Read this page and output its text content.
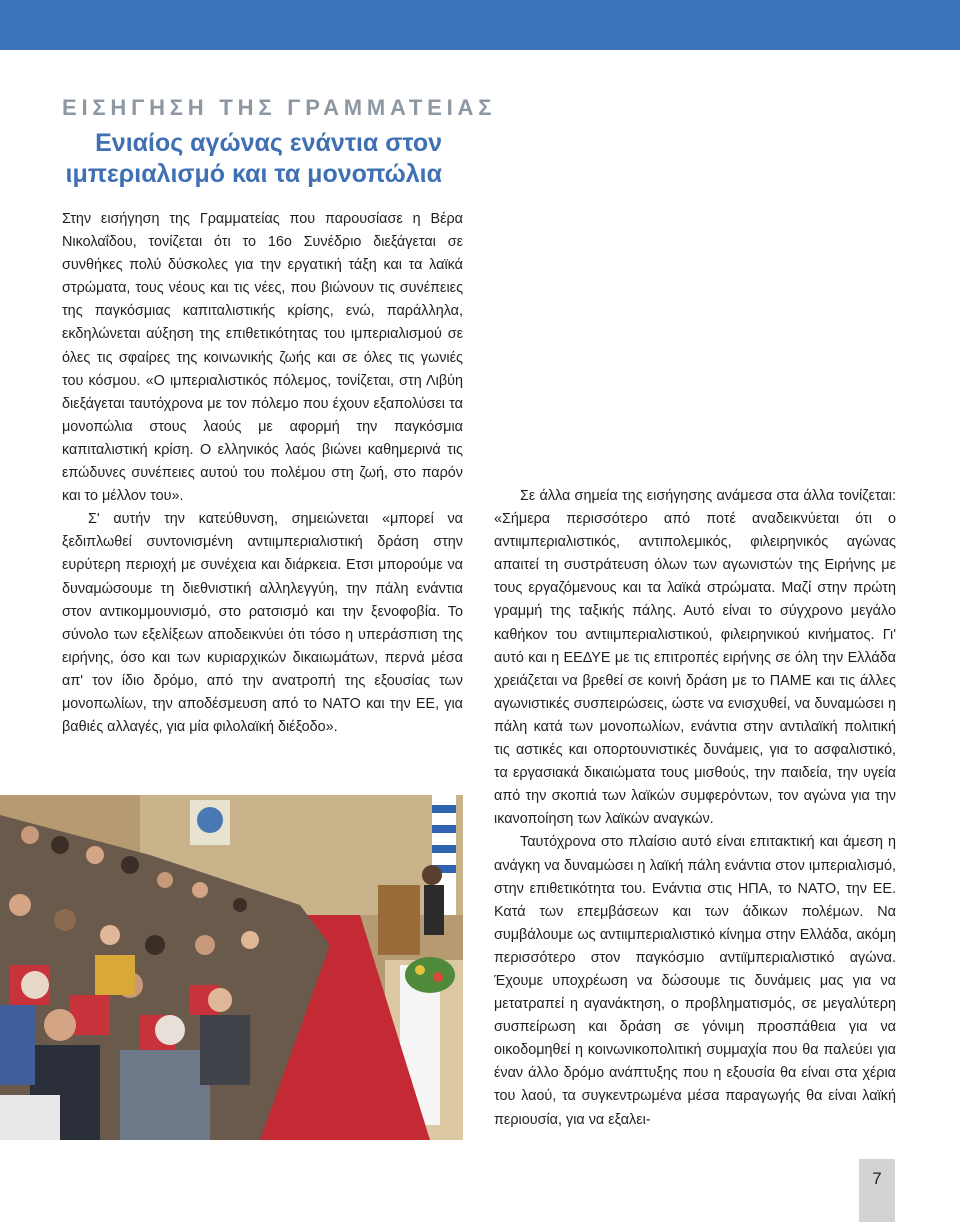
ΕΙΣΗΓΗΣΗ ΤΗΣ ΓΡΑΜΜΑΤΕΙΑΣ
Ενιαίος αγώνας ενάντια στον
ιμπεριαλισμό και τα μονοπώλια

Στην εισήγηση της Γραμματείας που παρουσίασε η Βέρα Νικολαΐδου, τονίζεται ότι το 16ο Συνέδριο διεξάγεται σε συνθήκες πολύ δύσκολες για την εργατική τάξη και τα λαϊκά στρώματα, τους νέους και τις νέες, που βιώνουν τις συνέπειες της παγκόσμιας καπιταλιστικής κρίσης, ενώ, παράλληλα, εκδηλώνεται αύξηση της επιθετικότητας του ιμπεριαλισμού σε όλες τις σφαίρες της κοινωνικής ζωής και σε όλες τις γωνιές του κόσμου. «Ο ιμπεριαλιστικός πόλεμος, τονίζεται, στη Λιβύη διεξάγεται ταυτόχρονα με τον πόλεμο που έχουν εξαπολύσει τα μονοπώλια στους λαούς με αφορμή την παγκόσμια καπιταλιστική κρίση. Ο ελληνικός λαός βιώνει καθημερινά τις επώδυνες συνέπειες αυτού του πολέμου στη ζωή, στο παρόν και το μέλλον του».

Σ' αυτήν την κατεύθυνση, σημειώνεται «μπορεί να ξεδιπλωθεί συντονισμένη αντιιμπεριαλιστική δράση στην ευρύτερη περιοχή με συνέχεια και διάρκεια. Ετσι μπορούμε να δυναμώσουμε τη διεθνιστική αλληλεγγύη, την πάλη ενάντια στον αντικομμουνισμό, στο ρατσισμό και την ξενοφοβία. Το σύνολο των εξελίξεων αποδεικνύει ότι τόσο η υπεράσπιση της ειρήνης, όσο και των κυριαρχικών δικαιωμάτων, περνά μέσα απ' τον ίδιο δρόμο, από την ανατροπή της εξουσίας των μονοπωλίων, την αποδέσμευση από το ΝΑΤΟ και την ΕΕ, για βαθιές αλλαγές, για μία φιλολαϊκή διέξοδο».

Σε άλλα σημεία της εισήγησης ανάμεσα στα άλλα τονίζεται: «Σήμερα περισσότερο από ποτέ αναδεικνύεται ότι ο αντιιμπεριαλιστικός, αντιπολεμικός, φιλειρηνικός αγώνας απαιτεί τη συστράτευση όλων των αγωνιστών της Ειρήνης με τους εργαζόμενους και τα λαϊκά στρώματα. Μαζί στην πρώτη γραμμή της ταξικής πάλης. Αυτό είναι το σύγχρονο μεγάλο καθήκον του αντιιμπεριαλιστικού, φιλειρηνικού κινήματος. Γι' αυτό και η ΕΕΔΥΕ με τις επιτροπές ειρήνης σε όλη την Ελλάδα χρειάζεται να βρεθεί σε κοινή δράση με το ΠΑΜΕ και τις άλλες αγωνιστικές συσπειρώσεις, ώστε να ενισχυθεί, να δυναμώσει η πάλη κατά των μονοπωλίων, ενάντια στην αντιλαϊκή πολιτική τις αστικές και οπορτουνιστικές δυνάμεις, για το ασφαλιστικό, τα εργασιακά δικαιώματα τους μισθούς, την παιδεία, την υγεία από την σκοπιά των λαϊκών συμφερόντων, τον αγώνα για την ικανοποίηση των λαϊκών αναγκών.

Ταυτόχρονα στο πλαίσιο αυτό είναι επιτακτική και άμεση η ανάγκη να δυναμώσει η λαϊκή πάλη ενάντια στον ιμπεριαλισμό, στην επιθετικότητα του. Ενάντια στις ΗΠΑ, το ΝΑΤΟ, την ΕΕ. Κατά των επεμβάσεων και των άδικων πολέμων. Να συμβάλουμε ως αντιιμπεριαλιστικό κίνημα στην Ελλάδα, ακόμη περισσότερο στον παγκόσμιο αντιϊμπεριαλιστικό αγώνα. Έχουμε υποχρέωση να δώσουμε τις δυνάμεις μας για να μετατραπεί η αγανάκτηση, ο προβληματισμός, σε μεγαλύτερη συσπείρωση και δράση σε γόνιμη προσπάθεια για να οικοδομηθεί η κοινωνικοπολιτική συμμαχία που θα παλεύει για έναν άλλο δρόμο ανάπτυξης που η εξουσία θα είναι στα χέρια του λαού, τα συγκεντρωμένα μέσα παραγωγής θα είναι λαϊκή περιουσία, για να εξαλει-

7
